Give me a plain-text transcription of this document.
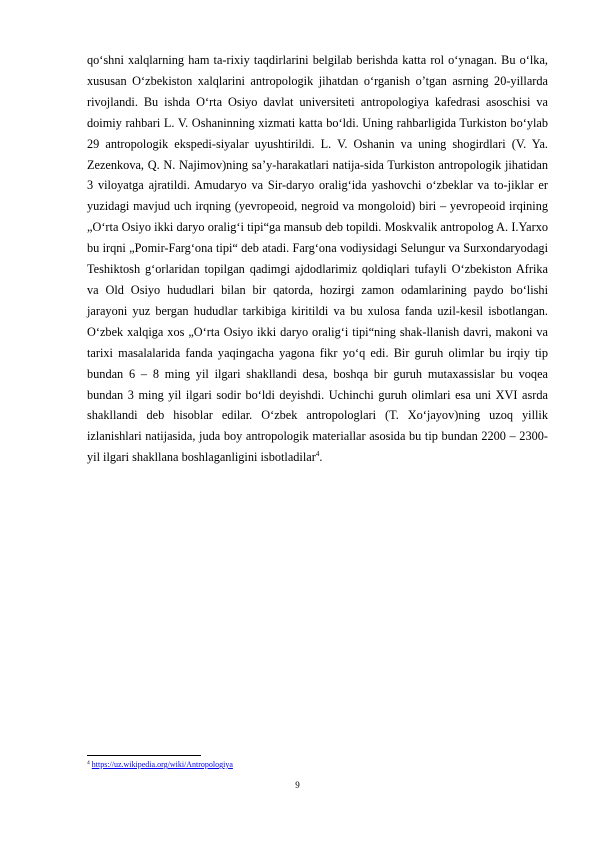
qo‘shni xalqlarning ham ta-rixiy taqdirlarini belgilab berishda katta rol o‘ynagan. Bu o‘lka, xususan O‘zbekiston xalqlarini antropologik jihatdan o‘rganish o’tgan asrning 20-yillarda rivojlandi. Bu ishda O‘rta Osiyo davlat universiteti antropologiya kafedrasi asoschisi va doimiy rahbari L. V. Oshaninning xizmati katta bo‘ldi. Uning rahbarligida Turkiston bo‘ylab 29 antropologik ekspedi-siyalar uyushtirildi. L. V. Oshanin va uning shogirdlari (V. Ya. Zezenkova, Q. N. Najimov)ning sa’y-harakatlari natija-sida Turkiston antropologik jihatidan 3 viloyatga ajratildi. Amudaryo va Sir-daryo oralig‘ida yashovchi o‘zbeklar va to-jiklar er yuzidagi mavjud uch irqning (yevropeoid, negroid va mongoloid) biri – yevropeoid irqining „O‘rta Osiyo ikki daryo oralig‘i tipi“ga mansub deb topildi. Moskvalik antropolog A. I.Yarxo bu irqni „Pomir-Farg‘ona tipi“ deb atadi. Farg‘ona vodiysidagi Selungur va Surxondaryodagi Teshiktosh g‘orlaridan topilgan qadimgi ajdodlarimiz qoldiqlari tufayli O‘zbekiston Afrika va Old Osiyo hududlari bilan bir qatorda, hozirgi zamon odamlarining paydo bo‘lishi jarayoni yuz bergan hududlar tarkibiga kiritildi va bu xulosa fanda uzil-kesil isbotlangan. O‘zbek xalqiga xos „O‘rta Osiyo ikki daryo oralig‘i tipi“ning shak-llanish davri, makoni va tarixi masalalarida fanda yaqingacha yagona fikr yo‘q edi. Bir guruh olimlar bu irqiy tip bundan 6 – 8 ming yil ilgari shakllandi desa, boshqa bir guruh mutaxassislar bu voqea bundan 3 ming yil ilgari sodir bo‘ldi deyishdi. Uchinchi guruh olimlari esa uni XVI asrda shakllandi deb hisoblar edilar. O‘zbek antropologlari (T. Xo‘jayov)ning uzoq yillik izlanishlari natijasida, juda boy antropologik materiallar asosida bu tip bundan 2200 – 2300-yil ilgari shakllana boshlaganligini isbotladilar$^4$.

$^4$ https://uz.wikipedia.org/wiki/Antropologiya
9
